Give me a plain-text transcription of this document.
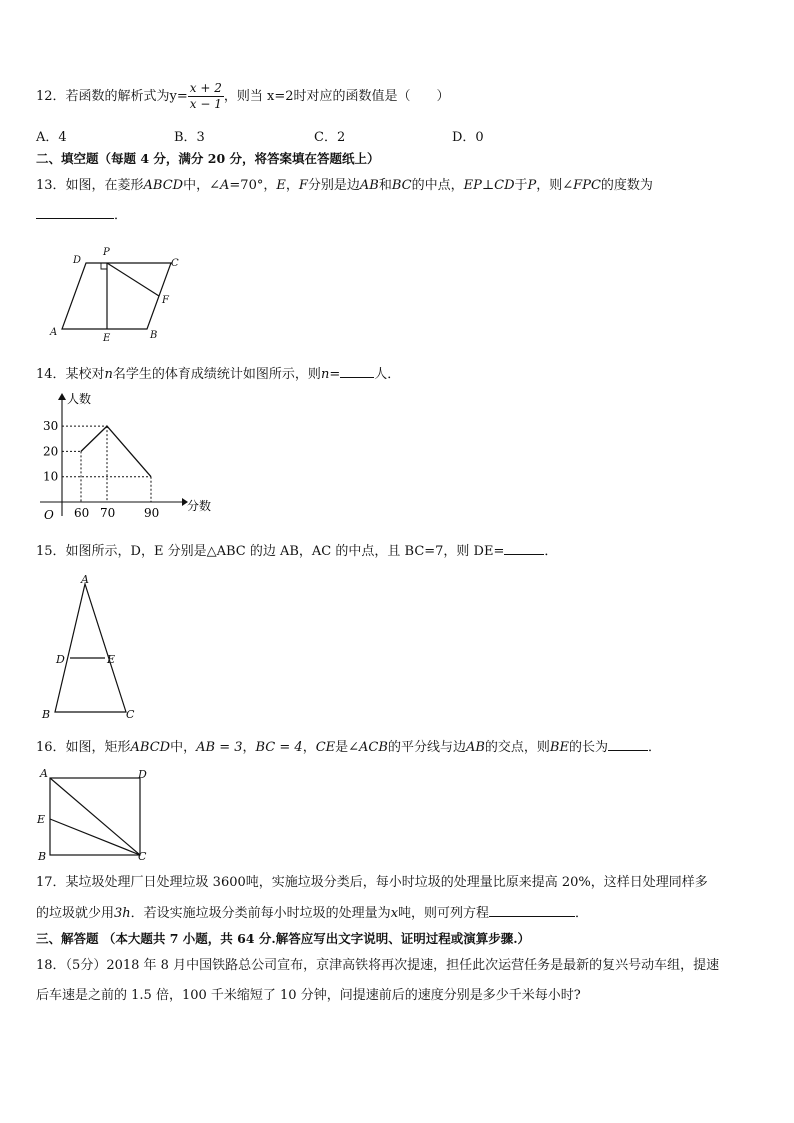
12．若函数的解析式为$y= \frac{x + 2}{x - 1}$ ，则当 x=2时对应的函数值是（　　）
A．4	B．3	C．2	D．0
二、填空题（每题 4 分，满分 20 分，将答案填在答题纸上）
13．如图，在菱形ABCD中，∠A=70°，E，F分别是边AB和BC的中点，EP⊥CD于P，则∠FPC的度数为
．
A	B
C
D
E
F
P
14．某校对n名学生的体育成绩统计如图所示，则n=	人．
人数
分数
O
10
20
30
60 70 90
15．如图所示，D，E 分别是△ABC 的边 AB，AC 的中点，且 BC=7，则 DE=	．
A
B	C
D	E
16．如图，矩形ABCD中，AB = 3，BC = 4，CE是∠ACB的平分线与边AB的交点，则BE的长为	．
A	D
E
B	C
17．某垃圾处理厂日处理垃圾 3600吨，实施垃圾分类后，每小时垃圾的处理量比原来提高 20%，这样日处理同样多
的垃圾就少用3h．若设实施垃圾分类前每小时垃圾的处理量为x吨，则可列方程	．
三、解答题 （本大题共 7 小题，共 64 分.解答应写出文字说明、证明过程或演算步骤.）
18．（5分）2018 年 8 月中国铁路总公司宣布，京津高铁将再次提速，担任此次运营任务是最新的复兴号动车组，提速
后车速是之前的 1.5 倍，100 千米缩短了 10 分钟，问提速前后的速度分别是多少千米每小时?
